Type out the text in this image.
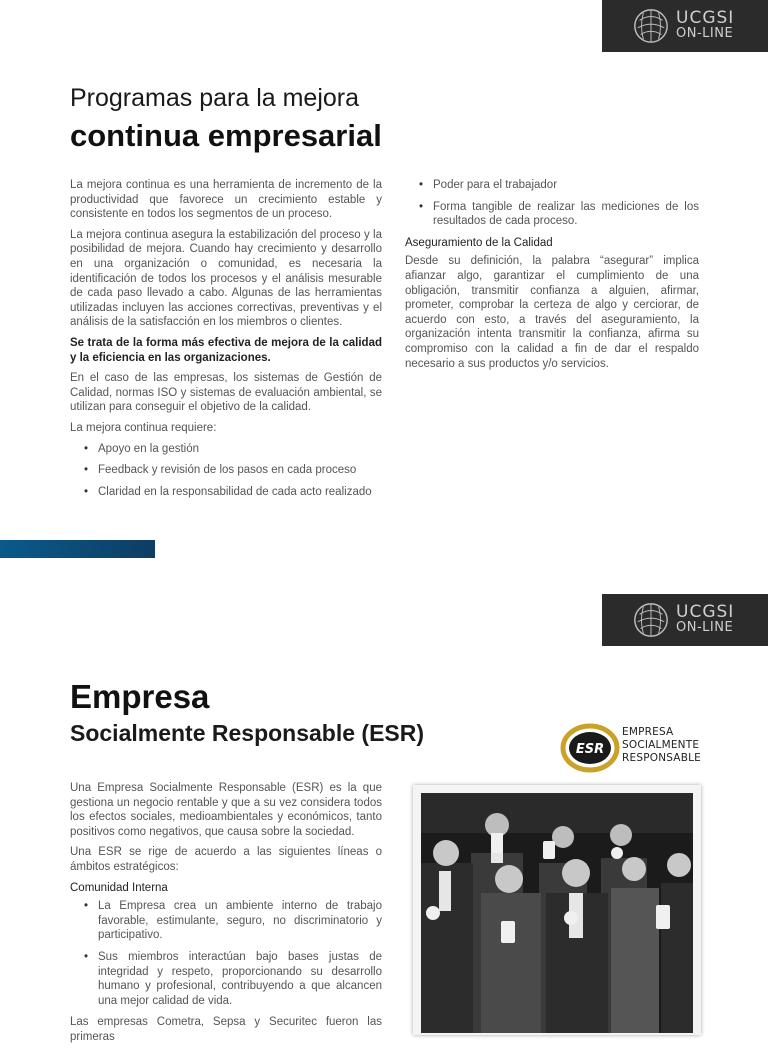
UCGSI
ON-LINE
Programas para la mejora
continua empresarial

La mejora continua es una herramienta de incremento de la productividad que favorece un crecimiento estable y consistente en todos los segmentos de un proceso.

La mejora continua asegura la estabilización del proceso y la posibilidad de mejora. Cuando hay crecimiento y desarrollo en una organización o comunidad, es necesaria la identificación de todos los procesos y el análisis mesurable de cada paso llevado a cabo. Algunas de las herramientas utilizadas incluyen las acciones correctivas, preventivas y el análisis de la satisfacción en los miembros o clientes.

Se trata de la forma más efectiva de mejora de la calidad y la eficiencia en las organizaciones.

En el caso de las empresas, los sistemas de Gestión de Calidad, normas ISO y sistemas de evaluación ambiental, se utilizan para conseguir el objetivo de la calidad.

La mejora continua requiere:

• Apoyo en la gestión
• Feedback y revisión de los pasos en cada proceso
• Claridad en la responsabilidad de cada acto realizado
• Poder para el trabajador
• Forma tangible de realizar las mediciones de los resultados de cada proceso.

Aseguramiento de la Calidad

Desde su definición, la palabra “asegurar” implica afianzar algo, garantizar el cumplimiento de una obligación, transmitir confianza a alguien, afirmar, prometer, comprobar la certeza de algo y cerciorar, de acuerdo con esto, a través del aseguramiento, la organización intenta transmitir la confianza, afirma su compromiso con la calidad a fin de dar el respaldo necesario a sus productos y/o servicios.

UCGSI
ON-LINE
Empresa
Socialmente Responsable (ESR)
ESR
EMPRESA
SOCIALMENTE
RESPONSABLE

Una Empresa Socialmente Responsable (ESR) es la que gestiona un negocio rentable y que a su vez considera todos los efectos sociales, medioambientales y económicos, tanto positivos como negativos, que causa sobre la sociedad.

Una ESR se rige de acuerdo a las siguientes líneas o ámbitos estratégicos:

Comunidad Interna

• La Empresa crea un ambiente interno de trabajo favorable, estimulante, seguro, no discriminatorio y participativo.
• Sus miembros interactúan bajo bases justas de integridad y respeto, proporcionando su desarrollo humano y profesional, contribuyendo a que alcancen una mejor calidad de vida.

Las empresas Cometra, Sepsa y Securitec fueron las primeras
